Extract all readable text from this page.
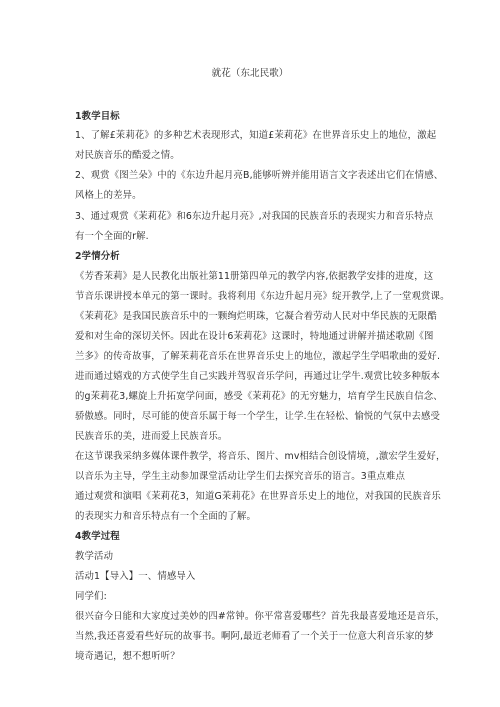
就花（东北民歌）
1教学目标
1、了解£茉莉花》的多种艺术表现形式，知道£茉莉花》在世界音乐史上的地位，激起
对民族音乐的酷爱之情。
2、观赏《图兰朵》中的《东边升起月亮B,能够听辨并能用语言文字表述出它们在情感、
风格上的差异。
3、通过观赏《茉莉花》和6东边升起月亮》,对我国的民族音乐的表现实力和音乐特点
有一个全面的r解.
2学情分析
《芳香茉莉》是人民教化出版社第11册第四单元的教学内容,依据教学安排的进度，这
节音乐课讲授本单元的第一课时。我将利用《东边升起月亮》绽开教学,上了一堂观赏课。
《茉莉花》是我国民族音乐中的一颗绚烂明珠，它凝合着劳动人民对中华民族的无限酷
爱和对生命的深切关怀。因此在设计6茉莉花》这课时，特地通过讲解并描述歌剧《图
兰多》的传奇故事，了解茉莉花音乐在世界音乐史上的地位，激起学生学唱歌曲的爱好.
进而通过嬉戏的方式使学生自己实践并驾驭音乐学问，再通过让学牛.观赏比较多种版本
的g茉莉花3,螺旋上升拓宽学问面，感受《茉莉花》的无穷魅力，培育学生民族自信念、
骄傲感。同时，尽可能的使音乐属于每一个学生，让学.生在轻松、愉悦的气氛中去感受
民族音乐的美，进而爱上民族音乐。
在这节课我采纳多媒体课件教学，将音乐、图片、mv相结合创设情境，,激宏学生爱好，
以音乐为主导，学生主动参加课堂活动让学生们去探究音乐的语言。3重点难点
通过观赏和演唱《茉莉花3，知道G茉莉花》在世界音乐史上的地位，对我国的民族音乐
的表现实力和音乐特点有一个全面的了解。
4教学过程
教学活动
活动1【导入】一、情感导入
同学们:
很兴奋今日能和大家度过美妙的四#常钟。你平常喜爱哪些？首先我最喜爱地还是音乐，
当然,我还喜爱看些好玩的故事书。啊阿,最近老师看了一个关于一位意大利音乐家的梦
境奇遇记，想不想听听？
